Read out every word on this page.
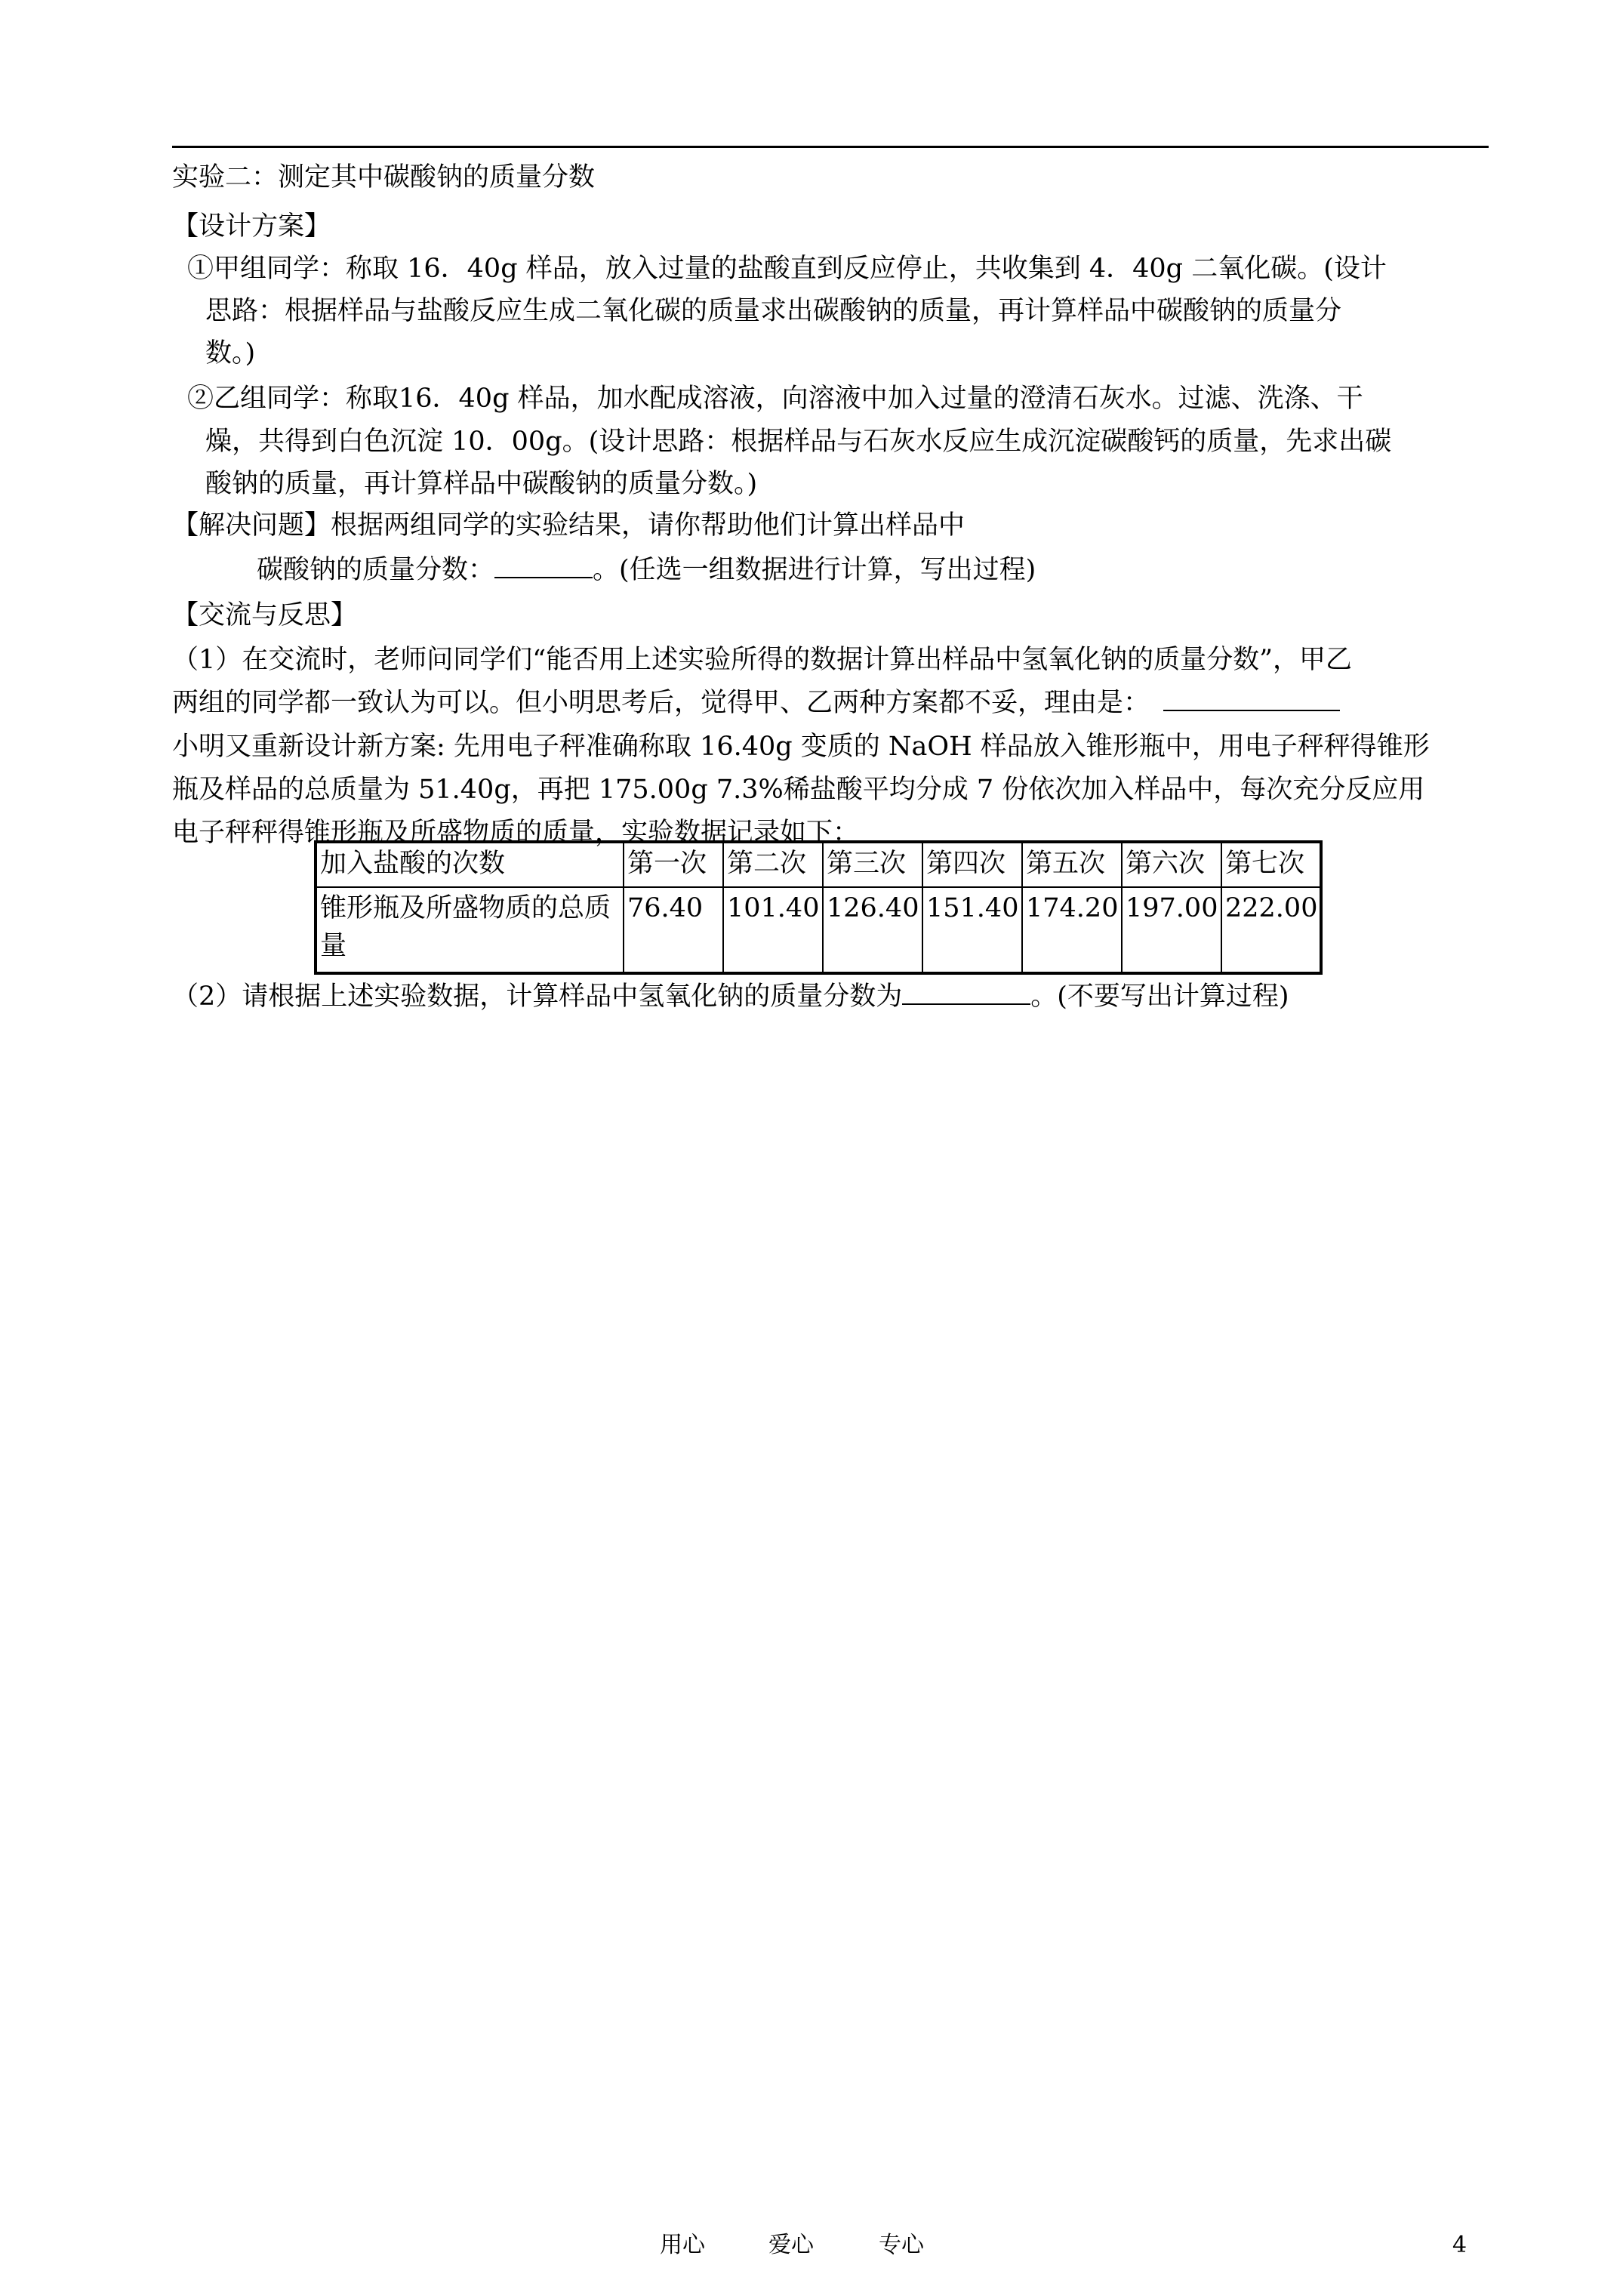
实验二：测定其中碳酸钠的质量分数
【设计方案】
①甲组同学：称取 16．40g 样品，放入过量的盐酸直到反应停止，共收集到 4．40g 二氧化碳。(设计
思路：根据样品与盐酸反应生成二氧化碳的质量求出碳酸钠的质量，再计算样品中碳酸钠的质量分
数。)
②乙组同学：称取16．40g 样品，加水配成溶液，向溶液中加入过量的澄清石灰水。过滤、洗涤、干
燥，共得到白色沉淀 10．00g。(设计思路：根据样品与石灰水反应生成沉淀碳酸钙的质量，先求出碳
酸钠的质量，再计算样品中碳酸钠的质量分数。)
【解决问题】根据两组同学的实验结果，请你帮助他们计算出样品中
碳酸钠的质量分数：	。(任选一组数据进行计算，写出过程)
【交流与反思】
（1）在交流时，老师问同学们“能否用上述实验所得的数据计算出样品中氢氧化钠的质量分数”，甲乙
两组的同学都一致认为可以。但小明思考后，觉得甲、乙两种方案都不妥，理由是：
小明又重新设计新方案: 先用电子秤准确称取 16.40g 变质的 NaOH 样品放入锥形瓶中，用电子秤秤得锥形
瓶及样品的总质量为 51.40g，再把 175.00g 7.3%稀盐酸平均分成 7 份依次加入样品中，每次充分反应用
电子秤秤得锥形瓶及所盛物质的质量，实验数据记录如下：
加入盐酸的次数	第一次	第二次	第三次	第四次	第五次	第六次	第七次
锥形瓶及所盛物质的总质量	76.40	101.40	126.40	151.40	174.20	197.00	222.00
（2）请根据上述实验数据，计算样品中氢氧化钠的质量分数为	。(不要写出计算过程)
用心	爱心	专心	4
